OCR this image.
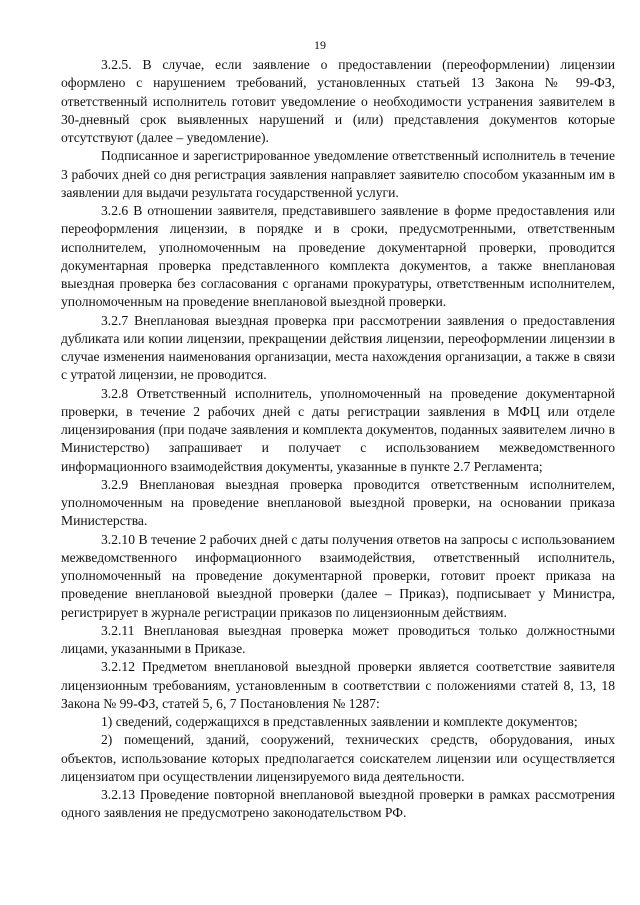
19

3.2.5. В случае, если заявление о предоставлении (переоформлении) лицензии оформлено с нарушением требований, установленных статьей 13 Закона № 99-ФЗ, ответственный исполнитель готовит уведомление о необходимости устранения заявителем в 30-дневный срок выявленных нарушений и (или) представления документов которые отсутствуют (далее – уведомление).

Подписанное и зарегистрированное уведомление ответственный исполнитель в течение 3 рабочих дней со дня регистрация заявления направляет заявителю способом указанным им в заявлении для выдачи результата государственной услуги.

3.2.6 В отношении заявителя, представившего заявление в форме предоставления или переоформления лицензии, в порядке и в сроки, предусмотренными, ответственным исполнителем, уполномоченным на проведение документарной проверки, проводится документарная проверка представленного комплекта документов, а также внеплановая выездная проверка без согласования с органами прокуратуры, ответственным исполнителем, уполномоченным на проведение внеплановой выездной проверки.

3.2.7 Внеплановая выездная проверка при рассмотрении заявления о предоставления дубликата или копии лицензии, прекращении действия лицензии, переоформлении лицензии в случае изменения наименования организации, места нахождения организации, а также в связи с утратой лицензии, не проводится.

3.2.8 Ответственный исполнитель, уполномоченный на проведение документарной проверки, в течение 2 рабочих дней с даты регистрации заявления в МФЦ или отделе лицензирования (при подаче заявления и комплекта документов, поданных заявителем лично в Министерство) запрашивает и получает с использованием межведомственного информационного взаимодействия документы, указанные в пункте 2.7 Регламента;

3.2.9 Внеплановая выездная проверка проводится ответственным исполнителем, уполномоченным на проведение внеплановой выездной проверки, на основании приказа Министерства.

3.2.10 В течение 2 рабочих дней с даты получения ответов на запросы с использованием межведомственного информационного взаимодействия, ответственный исполнитель, уполномоченный на проведение документарной проверки, готовит проект приказа на проведение внеплановой выездной проверки (далее – Приказ), подписывает у Министра, регистрирует в журнале регистрации приказов по лицензионным действиям.

3.2.11 Внеплановая выездная проверка может проводиться только должностными лицами, указанными в Приказе.

3.2.12 Предметом внеплановой выездной проверки является соответствие заявителя лицензионным требованиям, установленным в соответствии с положениями статей 8, 13, 18 Закона № 99-ФЗ, статей 5, 6, 7 Постановления № 1287:

1) сведений, содержащихся в представленных заявлении и комплекте документов;

2) помещений, зданий, сооружений, технических средств, оборудования, иных объектов, использование которых предполагается соискателем лицензии или осуществляется лицензиатом при осуществлении лицензируемого вида деятельности.

3.2.13 Проведение повторной внеплановой выездной проверки в рамках рассмотрения одного заявления не предусмотрено законодательством РФ.
